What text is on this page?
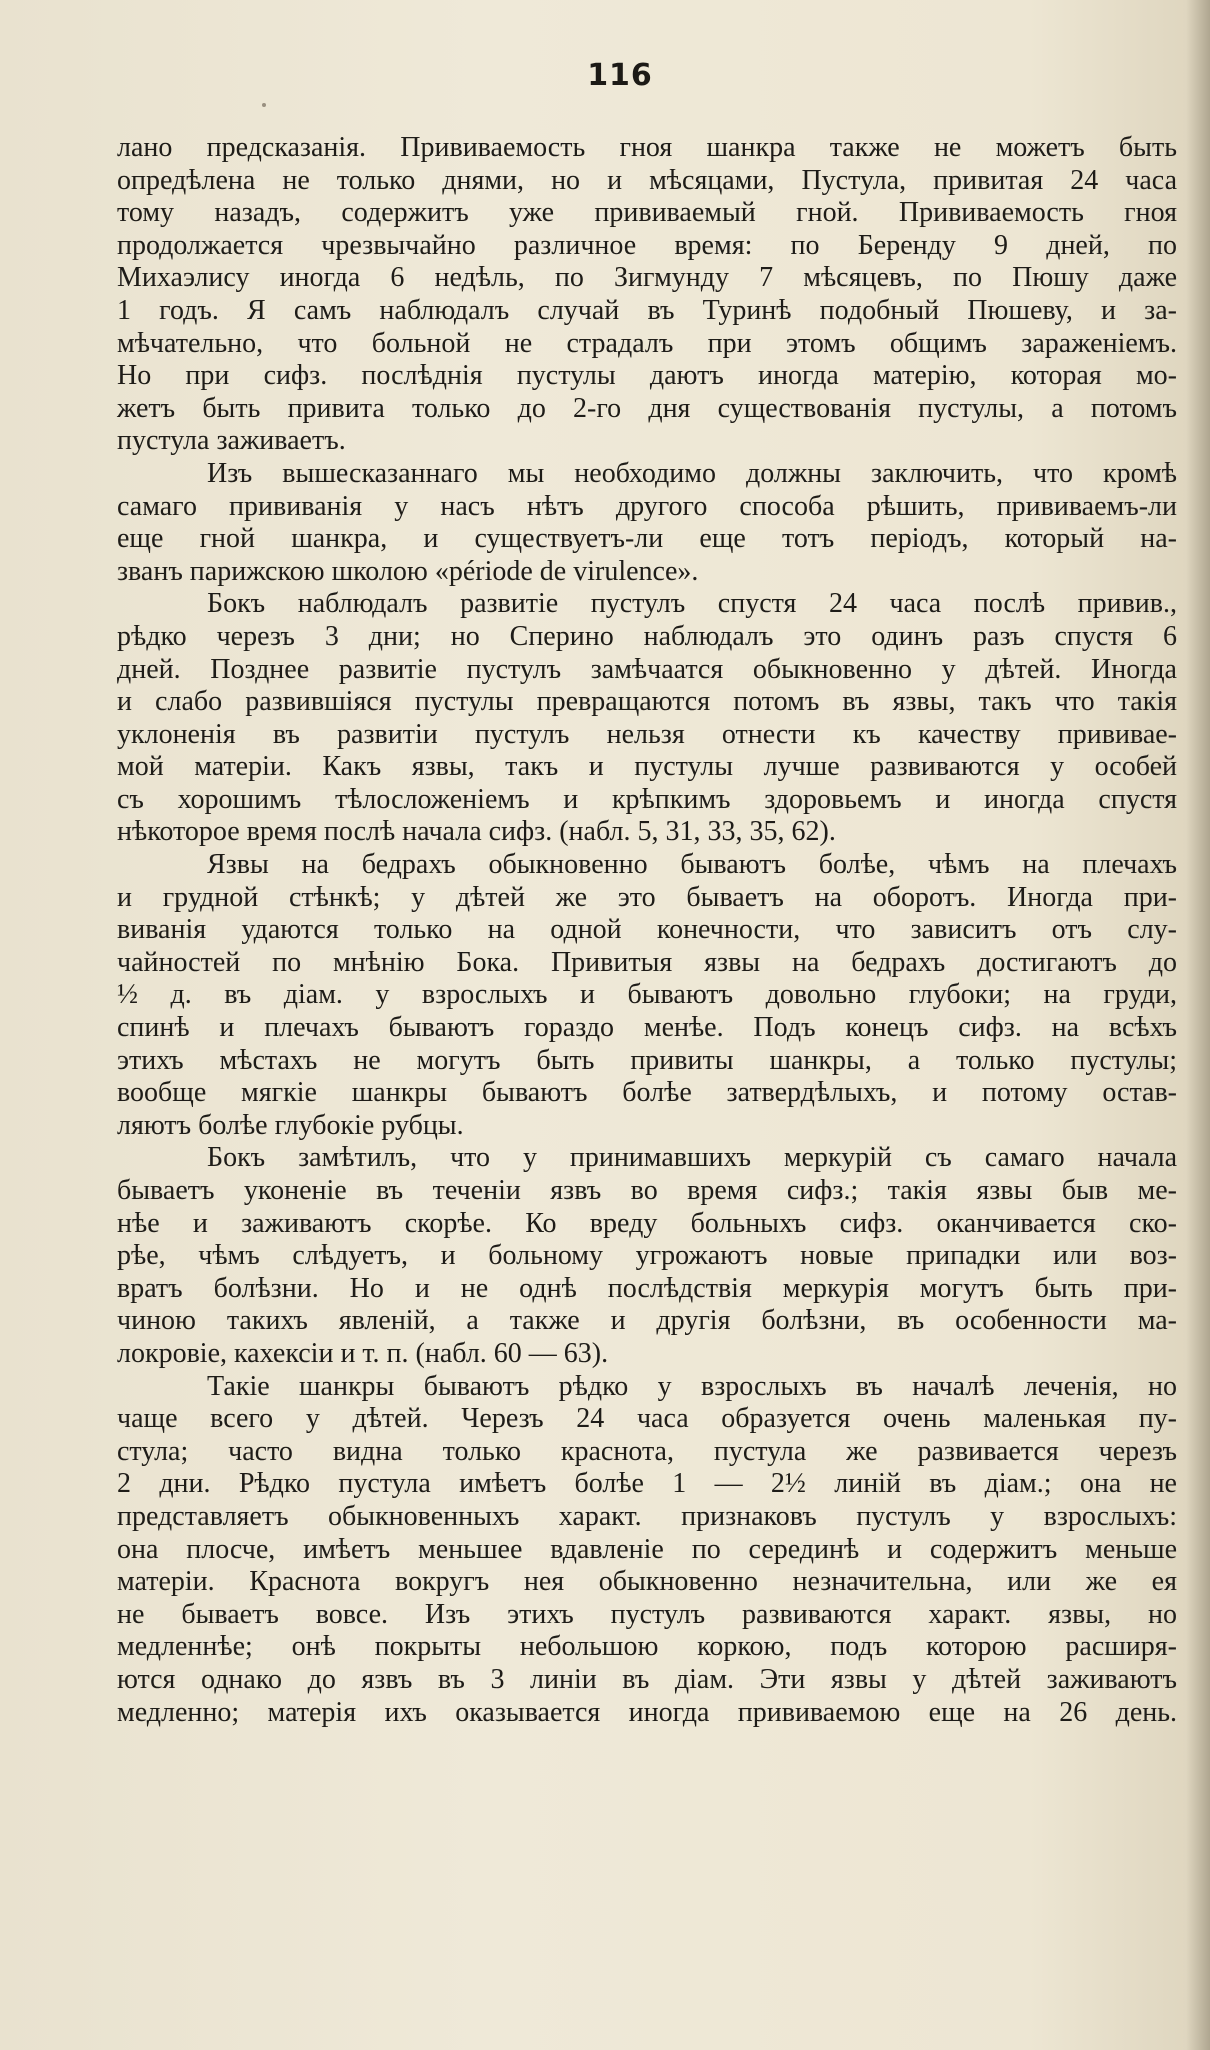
116
лано предсказанія. Прививаемость гноя шанкра также не можетъ быть
опредѣлена не только днями, но и мѣсяцами, Пустула, привитая 24 часа
тому назадъ, содержитъ уже прививаемый гной. Прививаемость гноя
продолжается чрезвычайно различное время: по Беренду 9 дней, по
Михаэлису иногда 6 недѣль, по Зигмунду 7 мѣсяцевъ, по Пюшу даже
1 годъ. Я самъ наблюдалъ случай въ Туринѣ подобный Пюшеву, и за-
мѣчательно, что больной не страдалъ при этомъ общимъ зараженіемъ.
Но при сифз. послѣднія пустулы даютъ иногда матерію, которая мо-
жетъ быть привита только до 2-го дня существованія пустулы, а потомъ
пустула заживаетъ.
Изъ вышесказаннаго мы необходимо должны заключить, что кромѣ
самаго прививанія у насъ нѣтъ другого способа рѣшить, прививаемъ-ли
еще гной шанкра, и существуетъ-ли еще тотъ періодъ, который на-
званъ парижскою школою «période de virulence».
Бокъ наблюдалъ развитіе пустулъ спустя 24 часа послѣ привив.,
рѣдко черезъ 3 дни; но Сперино наблюдалъ это одинъ разъ спустя 6
дней. Позднее развитіе пустулъ замѣчаатся обыкновенно у дѣтей. Иногда
и слабо развившіяся пустулы превращаются потомъ въ язвы, такъ что такія
уклоненія въ развитіи пустулъ нельзя отнести къ качеству прививае-
мой матеріи. Какъ язвы, такъ и пустулы лучше развиваются у особей
съ хорошимъ тѣлосложеніемъ и крѣпкимъ здоровьемъ и иногда спустя
нѣкоторое время послѣ начала сифз. (набл. 5, 31, 33, 35, 62).
Язвы на бедрахъ обыкновенно бываютъ болѣе, чѣмъ на плечахъ
и грудной стѣнкѣ; у дѣтей же это бываетъ на оборотъ. Иногда при-
виванія удаются только на одной конечности, что зависитъ отъ слу-
чайностей по мнѣнію Бока. Привитыя язвы на бедрахъ достигаютъ до
½ д. въ діам. у взрослыхъ и бываютъ довольно глубоки; на груди,
спинѣ и плечахъ бываютъ гораздо менѣе. Подъ конецъ сифз. на всѣхъ
этихъ мѣстахъ не могутъ быть привиты шанкры, а только пустулы;
вообще мягкіе шанкры бываютъ болѣе затвердѣлыхъ, и потому остав-
ляютъ болѣе глубокіе рубцы.
Бокъ замѣтилъ, что у принимавшихъ меркурій съ самаго начала
бываетъ уконеніе въ теченіи язвъ во время сифз.; такія язвы быв ме-
нѣе и заживаютъ скорѣе. Ко вреду больныхъ сифз. оканчивается ско-
рѣе, чѣмъ слѣдуетъ, и больному угрожаютъ новые припадки или воз-
вратъ болѣзни. Но и не однѣ послѣдствія меркурія могутъ быть при-
чиною такихъ явленій, а также и другія болѣзни, въ особенности ма-
локровіе, кахексіи и т. п. (набл. 60 — 63).
Такіе шанкры бываютъ рѣдко у взрослыхъ въ началѣ леченія, но
чаще всего у дѣтей. Черезъ 24 часа образуется очень маленькая пу-
стула; часто видна только краснота, пустула же развивается черезъ
2 дни. Рѣдко пустула имѣетъ болѣе 1 — 2½ линій въ діам.; она не
представляетъ обыкновенныхъ характ. признаковъ пустулъ у взрослыхъ:
она плосче, имѣетъ меньшее вдавленіе по серединѣ и содержитъ меньше
матеріи. Краснота вокругъ нея обыкновенно незначительна, или же ея
не бываетъ вовсе. Изъ этихъ пустулъ развиваются характ. язвы, но
медленнѣе; онѣ покрыты небольшою коркою, подъ которою расширя-
ются однако до язвъ въ 3 линіи въ діам. Эти язвы у дѣтей заживаютъ
медленно; матерія ихъ оказывается иногда прививаемою еще на 26 день.
